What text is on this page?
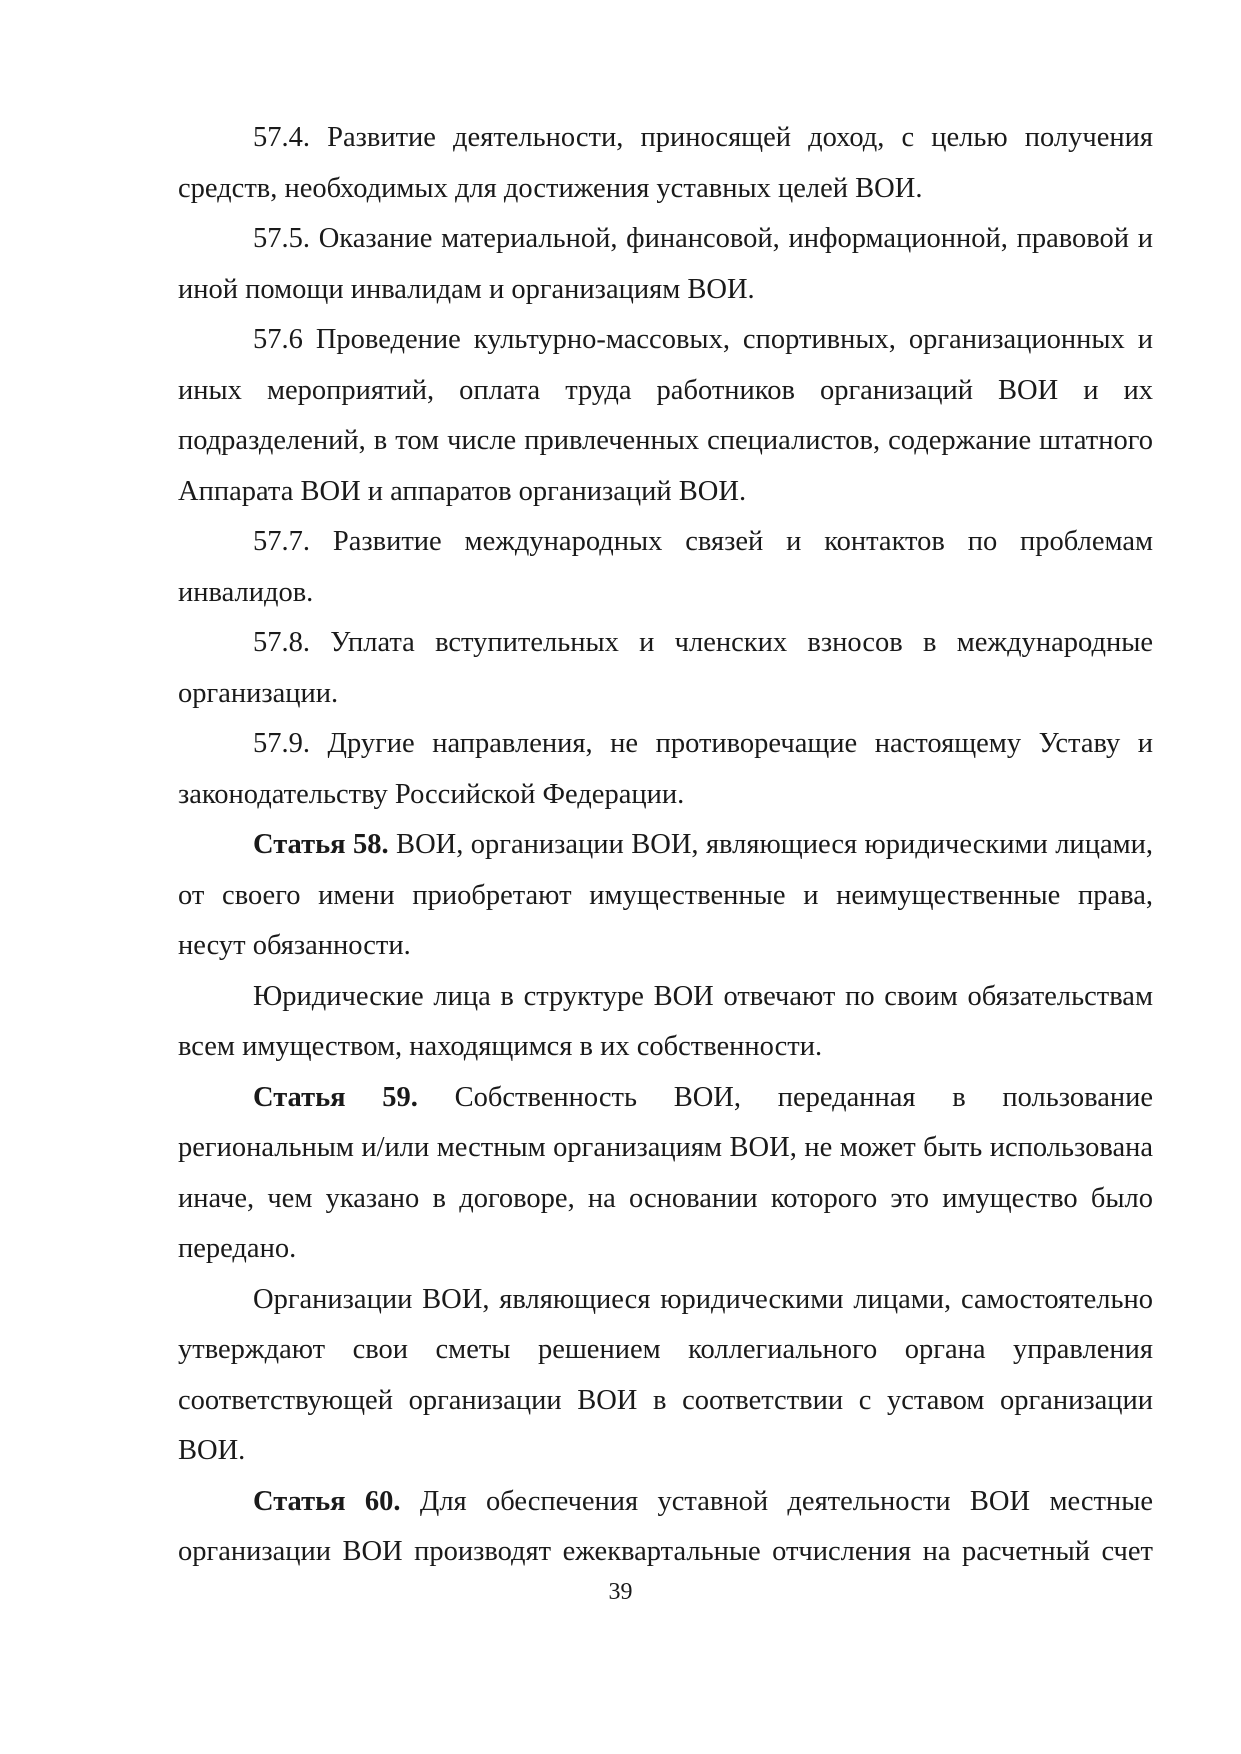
57.4. Развитие деятельности, приносящей доход, с целью получения средств, необходимых для достижения уставных целей ВОИ.

57.5. Оказание материальной, финансовой, информационной, правовой и иной помощи инвалидам и организациям ВОИ.

57.6 Проведение культурно-массовых, спортивных, организационных и иных мероприятий, оплата труда работников организаций ВОИ и их подразделений, в том числе привлеченных специалистов, содержание штатного Аппарата ВОИ и аппаратов организаций ВОИ.

57.7. Развитие международных связей и контактов по проблемам инвалидов.

57.8. Уплата вступительных и членских взносов в международные организации.

57.9. Другие направления, не противоречащие настоящему Уставу и законодательству Российской Федерации.

Статья 58. ВОИ, организации ВОИ, являющиеся юридическими лицами, от своего имени приобретают имущественные и неимущественные права, несут обязанности.

Юридические лица в структуре ВОИ отвечают по своим обязательствам всем имуществом, находящимся в их собственности.

Статья 59. Собственность ВОИ, переданная в пользование региональным и/или местным организациям ВОИ, не может быть использована иначе, чем указано в договоре, на основании которого это имущество было передано.

Организации ВОИ, являющиеся юридическими лицами, самостоятельно утверждают свои сметы решением коллегиального органа управления соответствующей организации ВОИ в соответствии с уставом организации ВОИ.

Статья 60. Для обеспечения уставной деятельности ВОИ местные организации ВОИ производят ежеквартальные отчисления на расчетный счет

39
